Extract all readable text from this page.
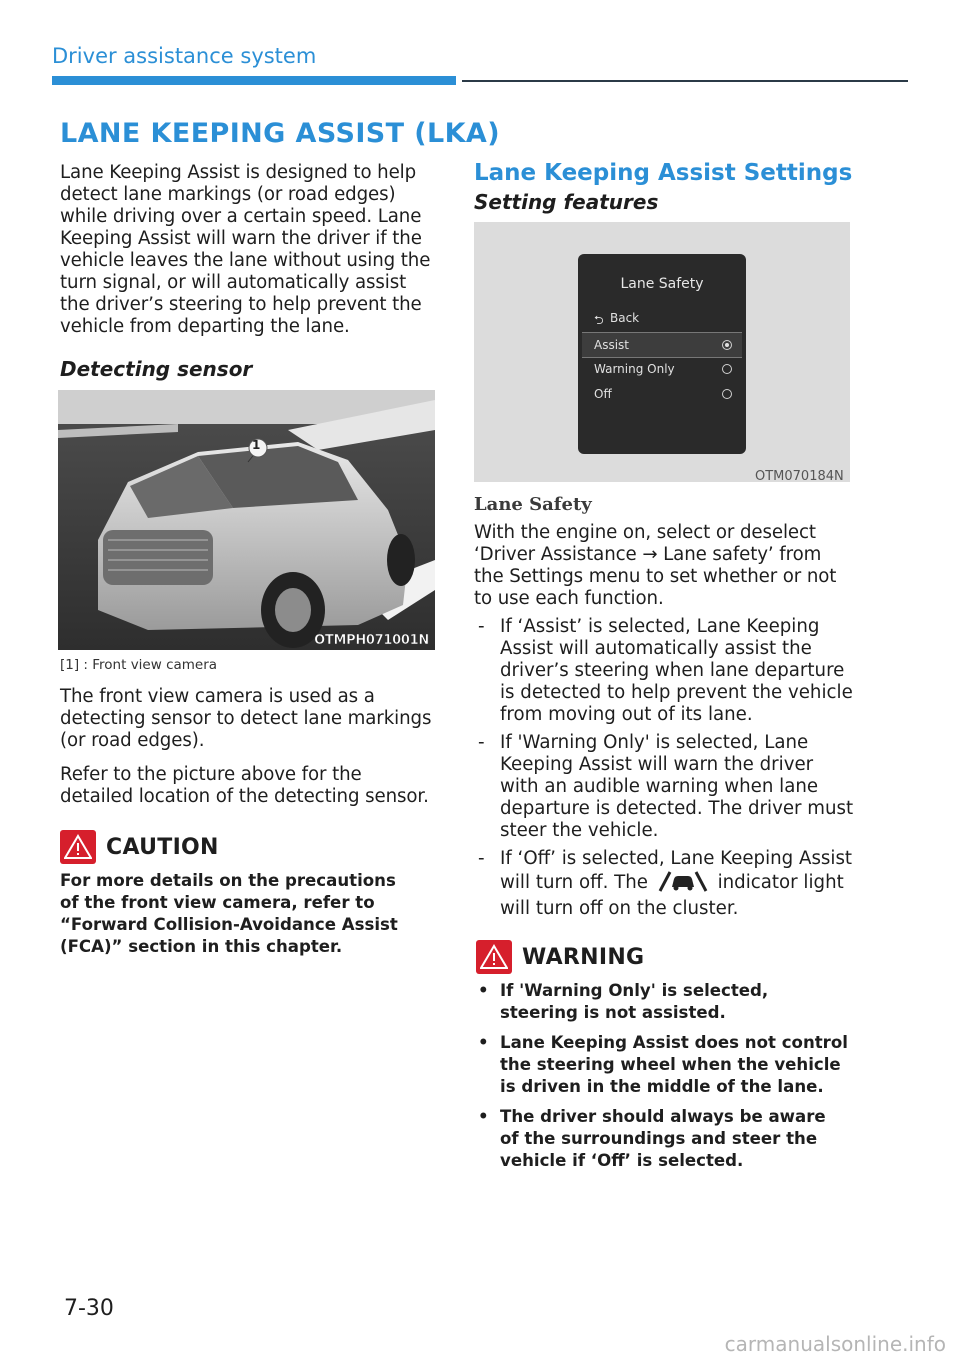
Driver assistance system
LANE KEEPING ASSIST (LKA)

Lane Keeping Assist is designed to help detect lane markings (or road edges) while driving over a certain speed. Lane Keeping Assist will warn the driver if the vehicle leaves the lane without using the turn signal, or will automatically assist the driver’s steering to help prevent the vehicle from departing the lane.

Detecting sensor

1
OTMPH071001N
[1] : Front view camera

The front view camera is used as a detecting sensor to detect lane markings (or road edges).

Refer to the picture above for the detailed location of the detecting sensor.

CAUTION

For more details on the precautions of the front view camera, refer to “Forward Collision-Avoidance Assist (FCA)” section in this chapter.

Lane Keeping Assist Settings

Setting features

Lane Safety
⮌ Back
Assist
Warning Only
Off
OTM070184N
Lane Safety

With the engine on, select or deselect ‘Driver Assistance → Lane safety’ from the Settings menu to set whether or not to use each function.

- If ‘Assist’ is selected, Lane Keeping Assist will automatically assist the driver’s steering when lane departure is detected to help prevent the vehicle from moving out of its lane.
- If 'Warning Only' is selected, Lane Keeping Assist will warn the driver with an audible warning when lane departure is detected. The driver must steer the vehicle.
- If ‘Off’ is selected, Lane Keeping Assist will turn off. The	indicator light will turn off on the cluster.
WARNING
• If 'Warning Only' is selected, steering is not assisted.
• Lane Keeping Assist does not control the steering wheel when the vehicle is driven in the middle of the lane.
• The driver should always be aware of the surroundings and steer the vehicle if ‘Off’ is selected.
7-30
carmanualsonline.info
